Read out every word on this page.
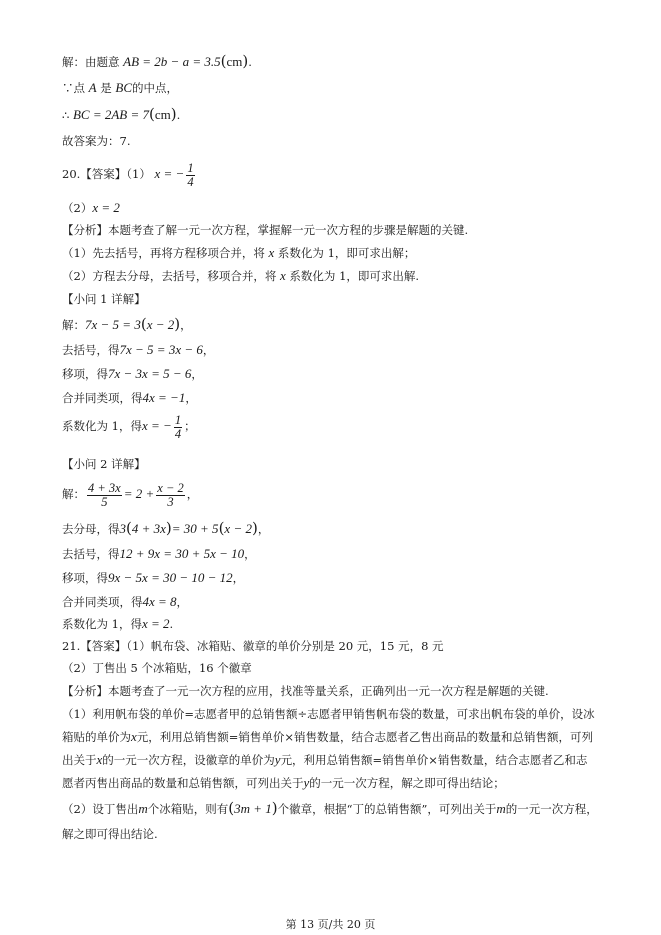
解：由题意 AB = 2b − a = 3.5(cm).
∵点 A 是 BC的中点，
∴ BC = 2AB = 7(cm).
故答案为：7.
20.【答案】（1） x = − $\frac{1}{4}$
（2）x = 2
【分析】本题考查了解一元一次方程，掌握解一元一次方程的步骤是解题的关键.
（1）先去括号，再将方程移项合并，将 x 系数化为 1，即可求出解；
（2）方程去分母，去括号，移项合并，将 x 系数化为 1，即可求出解.
【小问 1 详解】
解：7x − 5 = 3(x − 2)，
去括号，得7x − 5 = 3x − 6，
移项，得7x − 3x = 5 − 6，
合并同类项，得4x = −1，
系数化为 1，得x = − $\frac{1}{4}$ ；
【小问 2 详解】
解： $\frac{4 + 3x}{5} = 2 + \frac{x - 2}{3}$ ，
去分母，得3(4 + 3x)= 30 + 5(x − 2)，
去括号，得12 + 9x = 30 + 5x − 10，
移项，得9x − 5x = 30 − 10 − 12，
合并同类项，得4x = 8，
系数化为 1，得x = 2.
21.【答案】（1）帆布袋、冰箱贴、徽章的单价分别是 20 元，15 元，8 元
（2）丁售出 5 个冰箱贴，16 个徽章
【分析】本题考查了一元一次方程的应用，找准等量关系，正确列出一元一次方程是解题的关键.
（1）利用帆布袋的单价=志愿者甲的总销售额÷志愿者甲销售帆布袋的数量，可求出帆布袋的单价，设冰
箱贴的单价为x元，利用总销售额=销售单价×销售数量，结合志愿者乙售出商品的数量和总销售额，可列
出关于x的一元一次方程，设徽章的单价为y元，利用总销售额=销售单价×销售数量，结合志愿者乙和志
愿者丙售出商品的数量和总销售额，可列出关于y的一元一次方程，解之即可得出结论；
（2）设丁售出m个冰箱贴，则有(3m + 1)个徽章，根据“丁的总销售额”，可列出关于m的一元一次方程，
解之即可得出结论.
第 13 页/共 20 页
